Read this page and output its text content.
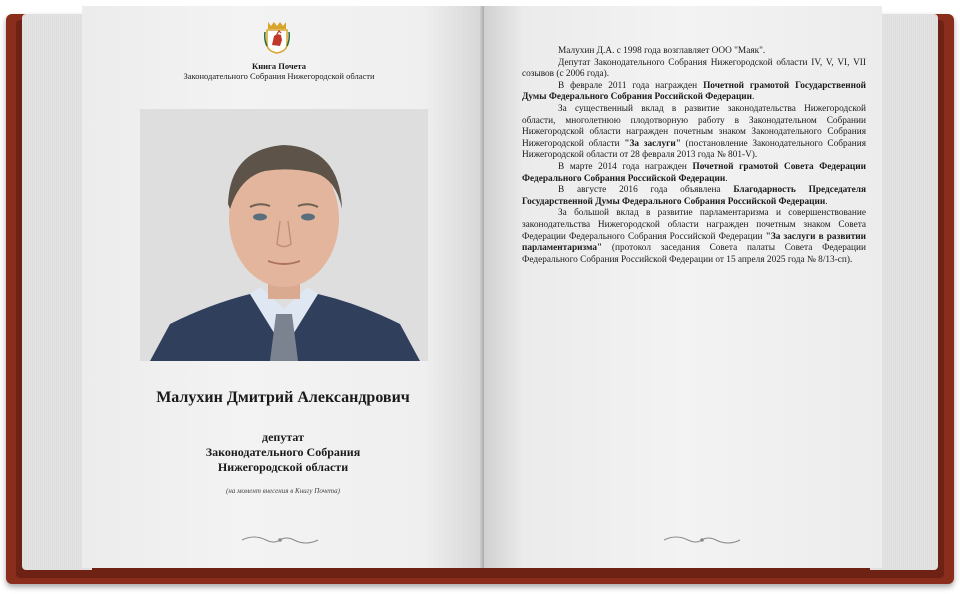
Книга Почета
Законодательного Собрания Нижегородской области
Малухин Дмитрий Александрович
депутат
Законодательного Собрания
Нижегородской области
(на момент внесения в Книгу Почета)

Малухин Д.А. с 1998 года возглавляет ООО "Маяк".

Депутат Законодательного Собрания Нижегородской области IV, V, VI, VII созывов (с 2006 года).

В феврале 2011 года награжден Почетной грамотой Государственной Думы Федерального Собрания Российской Федерации.

За существенный вклад в развитие законодательства Нижегородской области, многолетнюю плодотворную работу в Законодательном Собрании Нижегородской области награжден почетным знаком Законодательного Собрания Нижегородской области "За заслуги" (постановление Законодательного Собрания Нижегородской области от 28 февраля 2013 года № 801-V).

В марте 2014 года награжден Почетной грамотой Совета Федерации Федерального Собрания Российской Федерации.

В августе 2016 года объявлена Благодарность Председателя Государственной Думы Федерального Собрания Российской Федерации.

За большой вклад в развитие парламентаризма и совершенствование законодательства Нижегородской области награжден почетным знаком Совета Федерации Федерального Собрания Российской Федерации "За заслуги в развитии парламентаризма" (протокол заседания Совета палаты Совета Федерации Федерального Собрания Российской Федерации от 15 апреля 2025 года № 8/13-сп).
